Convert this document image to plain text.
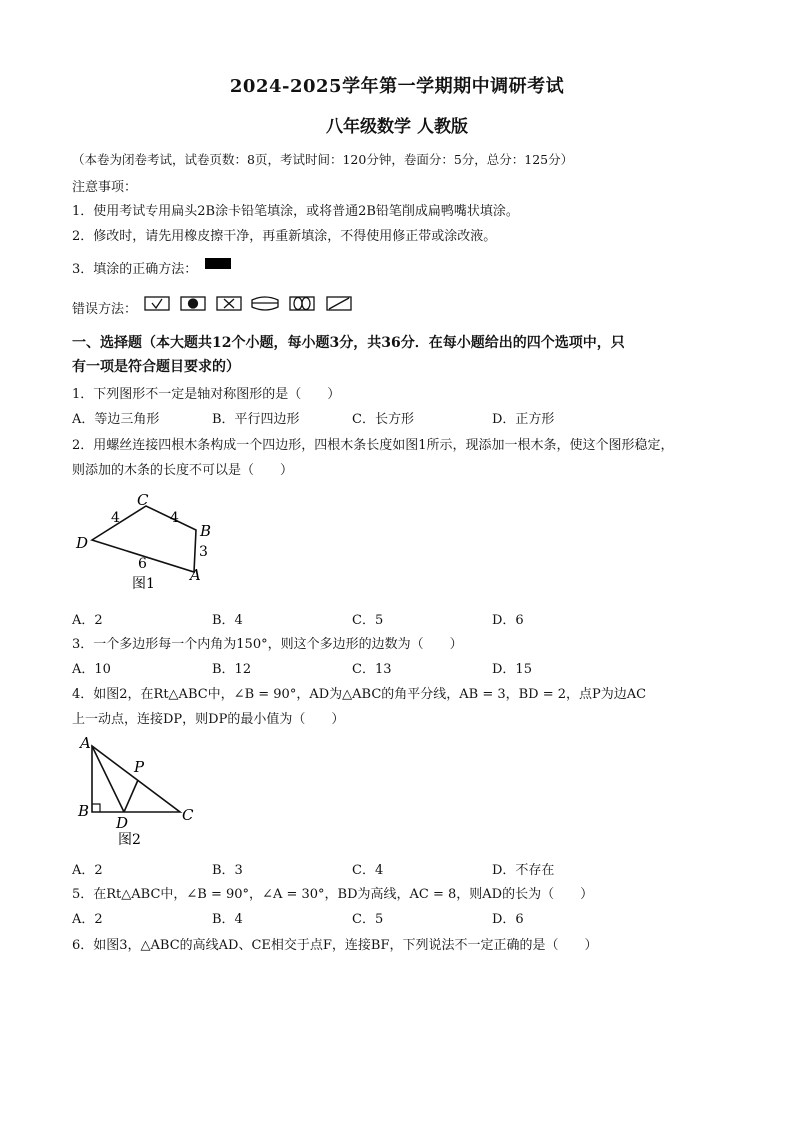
2024-2025学年第一学期期中调研考试
八年级数学 人教版
（本卷为闭卷考试，试卷页数：8页，考试时间：120分钟，卷面分：5分，总分：125分）
注意事项：
1．使用考试专用扁头2B涂卡铅笔填涂，或将普通2B铅笔削成扁鸭嘴状填涂。
2．修改时，请先用橡皮擦干净，再重新填涂，不得使用修正带或涂改液。
3．填涂的正确方法：
错误方法：
一、选择题（本大题共12个小题，每小题3分，共36分．在每小题给出的四个选项中，只
有一项是符合题目要求的）
1．下列图形不一定是轴对称图形的是（　　）
A．等边三角形	B．平行四边形	C．长方形	D．正方形
2．用螺丝连接四根木条构成一个四边形，四根木条长度如图1所示，现添加一根木条，使这个图形稳定，
则添加的木条的长度不可以是（　　）
C
B
D
A
4	4
3
6
图1
A．2	B．4	C．5	D．6
3．一个多边形每一个内角为150°，则这个多边形的边数为（　　）
A．10	B．12	C．13	D．15
4．如图2，在Rt△ABC中，∠B = 90°，AD为△ABC的角平分线，AB = 3，BD = 2，点P为边AC
上一动点，连接DP，则DP的最小值为（　　）
A
P
B	C
D
图2
A．2	B．3	C．4	D．不存在
5．在Rt△ABC中，∠B = 90°，∠A = 30°，BD为高线，AC = 8，则AD的长为（　　）
A．2	B．4	C．5	D．6
6．如图3，△ABC的高线AD、CE相交于点F，连接BF，下列说法不一定正确的是（　　）
